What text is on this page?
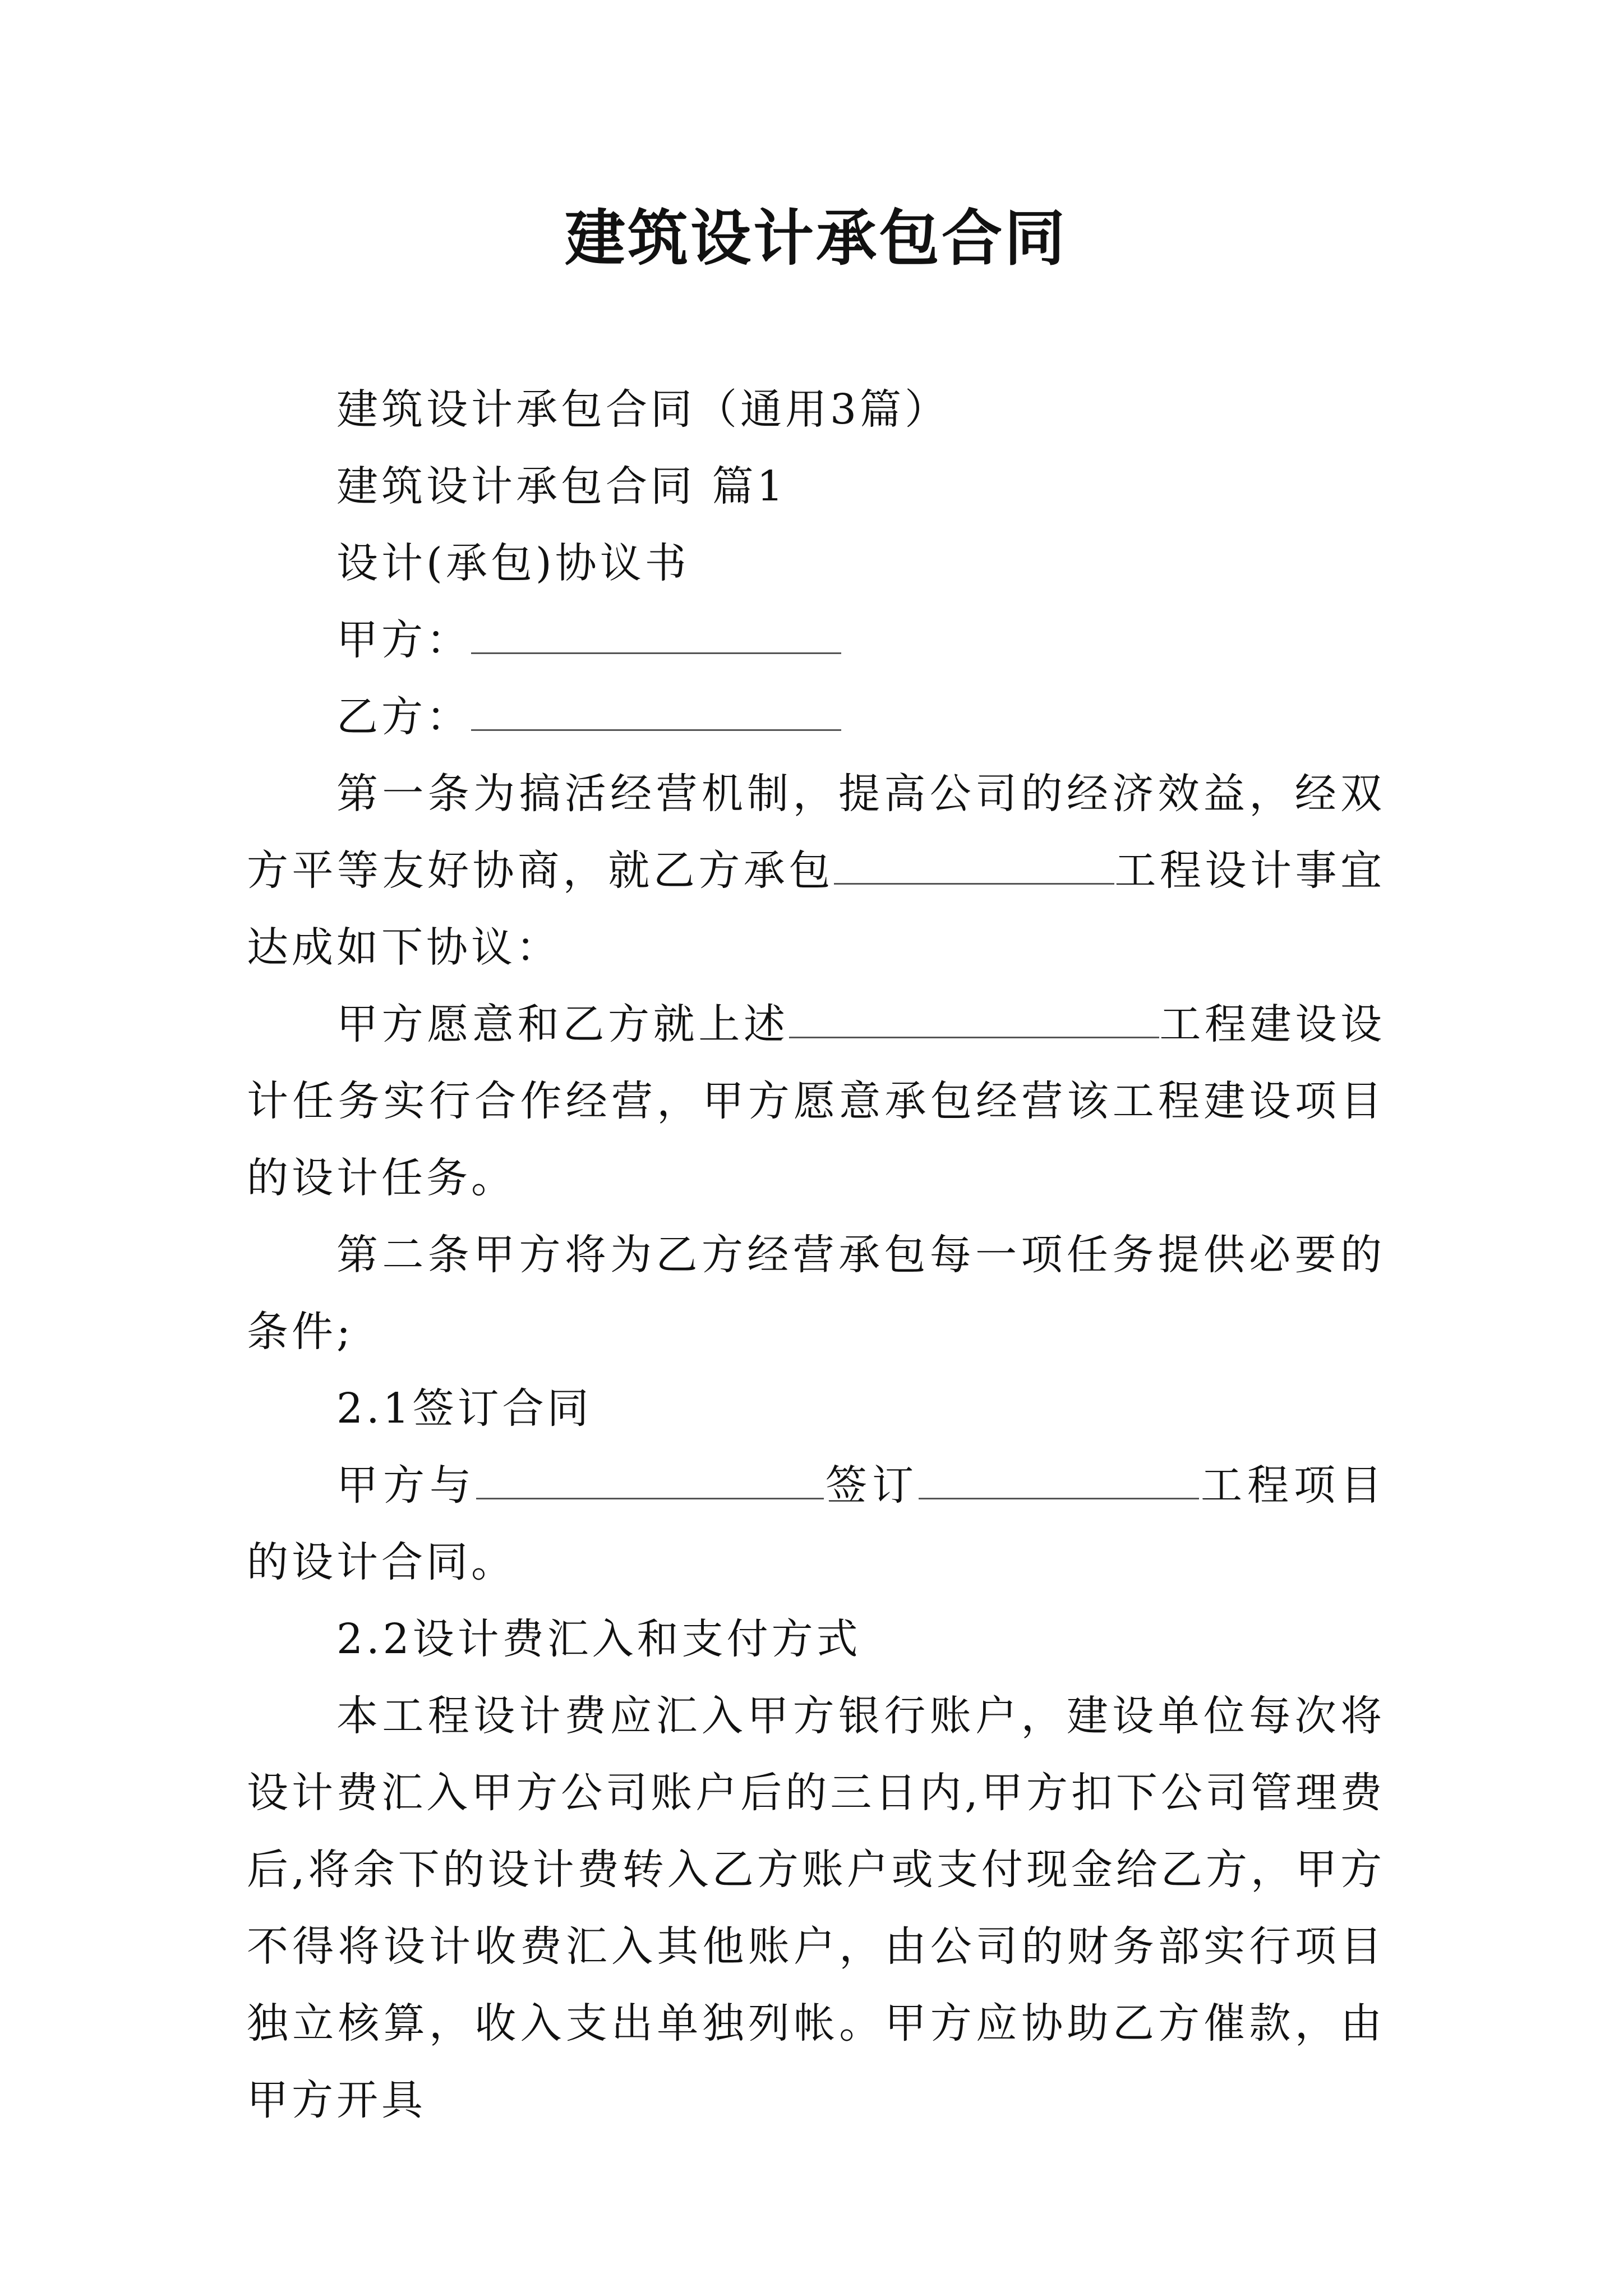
建筑设计承包合同

建筑设计承包合同（通用3篇）

建筑设计承包合同 篇1

设计(承包)协议书

甲方：

乙方：

第一条为搞活经营机制，提高公司的经济效益，经双方平等友好协商，就乙方承包	工程设计事宜达成如下协议：

甲方愿意和乙方就上述	工程建设设计任务实行合作经营，甲方愿意承包经营该工程建设项目的设计任务。

第二条甲方将为乙方经营承包每一项任务提供必要的条件;

2.1签订合同

甲方与	签订	工程项目的设计合同。

2.2设计费汇入和支付方式

本工程设计费应汇入甲方银行账户，建设单位每次将设计费汇入甲方公司账户后的三日内,甲方扣下公司管理费后,将余下的设计费转入乙方账户或支付现金给乙方，甲方不得将设计收费汇入其他账户，由公司的财务部实行项目独立核算，收入支出单独列帐。甲方应协助乙方催款，由甲方开具
